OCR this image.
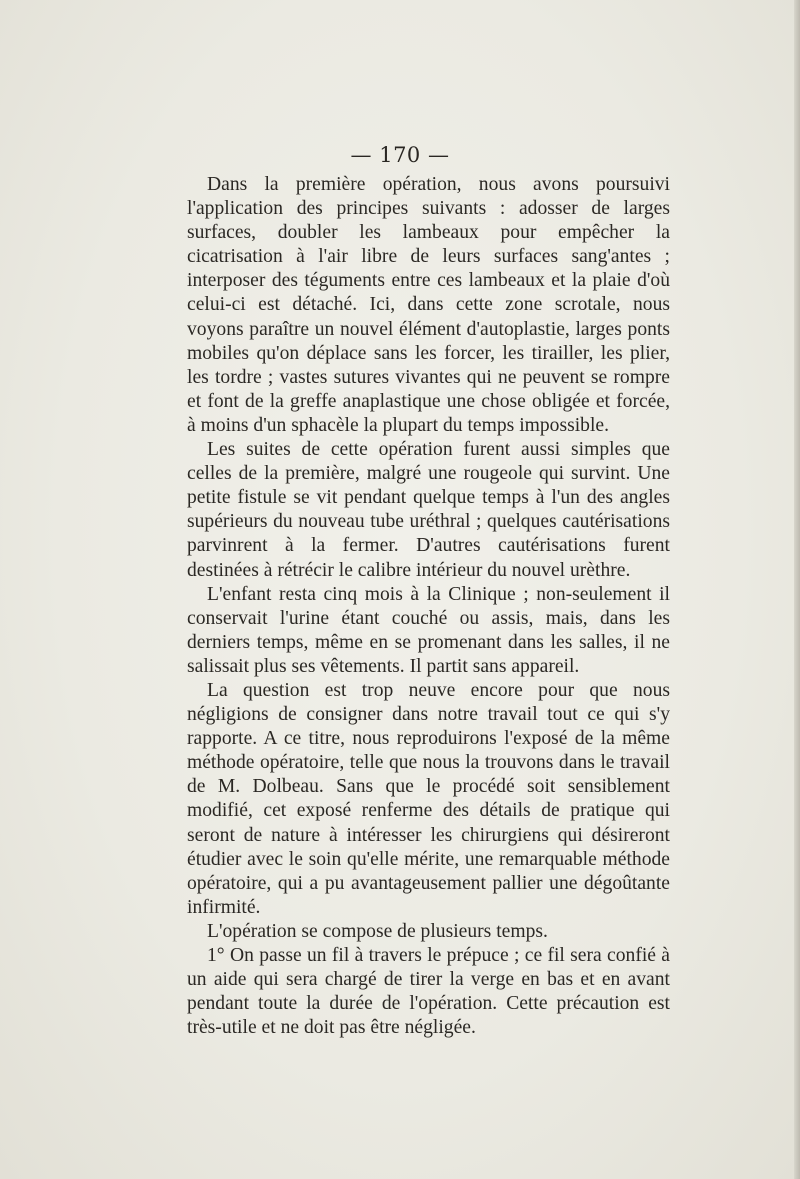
— 170 —

Dans la première opération, nous avons poursuivi l'application des principes suivants : adosser de larges surfaces, doubler les lambeaux pour empêcher la cicatrisation à l'air libre de leurs surfaces sang'antes ; interposer des téguments entre ces lambeaux et la plaie d'où celui-ci est détaché. Ici, dans cette zone scrotale, nous voyons paraître un nouvel élément d'autoplastie, larges ponts mobiles qu'on déplace sans les forcer, les tirailler, les plier, les tordre ; vastes sutures vivantes qui ne peuvent se rompre et font de la greffe anaplastique une chose obligée et forcée, à moins d'un sphacèle la plupart du temps impossible.

Les suites de cette opération furent aussi simples que celles de la première, malgré une rougeole qui survint. Une petite fistule se vit pendant quelque temps à l'un des angles supérieurs du nouveau tube uréthral ; quelques cautérisations parvinrent à la fermer. D'autres cautérisations furent destinées à rétrécir le calibre intérieur du nouvel urèthre.

L'enfant resta cinq mois à la Clinique ; non-seulement il conservait l'urine étant couché ou assis, mais, dans les derniers temps, même en se promenant dans les salles, il ne salissait plus ses vêtements. Il partit sans appareil.

La question est trop neuve encore pour que nous négligions de consigner dans notre travail tout ce qui s'y rapporte. A ce titre, nous reproduirons l'exposé de la même méthode opératoire, telle que nous la trouvons dans le travail de M. Dolbeau. Sans que le procédé soit sensiblement modifié, cet exposé renferme des détails de pratique qui seront de nature à intéresser les chirurgiens qui désireront étudier avec le soin qu'elle mérite, une remarquable méthode opératoire, qui a pu avantageusement pallier une dégoûtante infirmité.

L'opération se compose de plusieurs temps.

1° On passe un fil à travers le prépuce ; ce fil sera confié à un aide qui sera chargé de tirer la verge en bas et en avant pendant toute la durée de l'opération. Cette précaution est très-utile et ne doit pas être négligée.
